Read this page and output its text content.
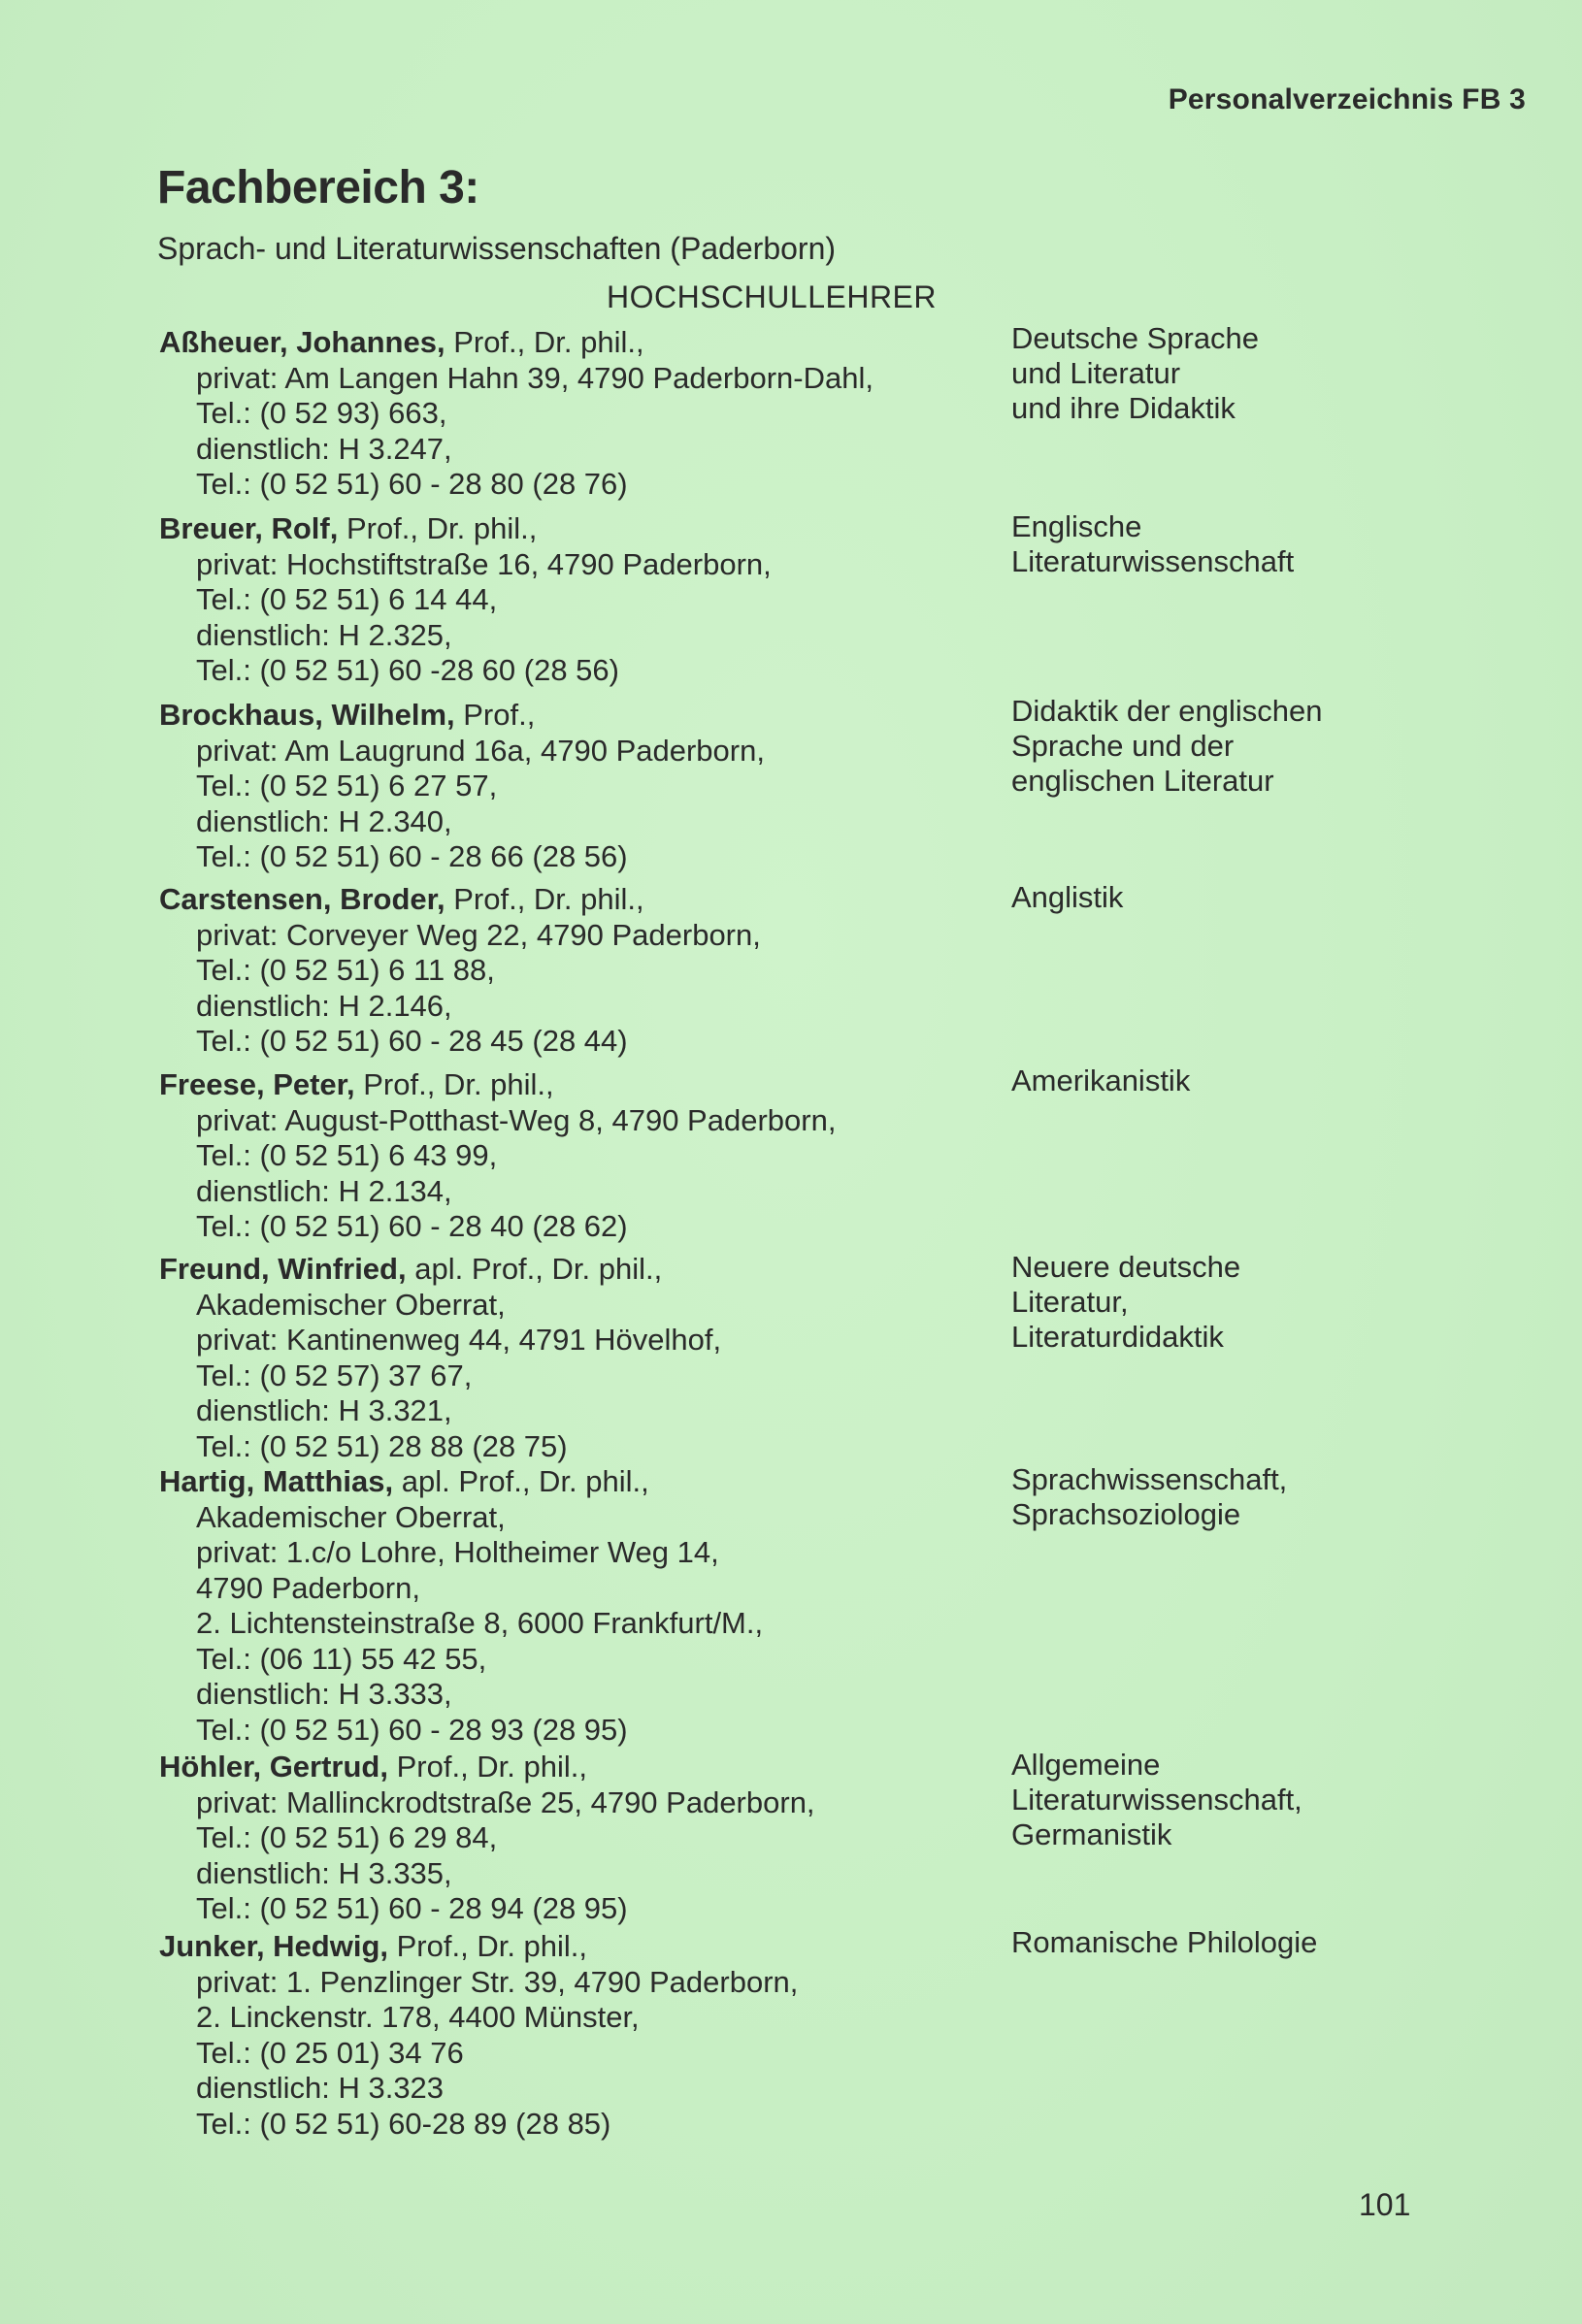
Personalverzeichnis FB 3
Fachbereich 3:
Sprach- und Literaturwissenschaften (Paderborn)
HOCHSCHULLEHRER
Aßheuer, Johannes, Prof., Dr. phil.,
privat: Am Langen Hahn 39, 4790 Paderborn-Dahl,
Tel.: (0 52 93) 663,
dienstlich: H 3.247,
Tel.: (0 52 51) 60 - 28 80 (28 76)
Deutsche Sprache
und Literatur
und ihre Didaktik
Breuer, Rolf, Prof., Dr. phil.,
privat: Hochstiftstraße 16, 4790 Paderborn,
Tel.: (0 52 51) 6 14 44,
dienstlich: H 2.325,
Tel.: (0 52 51) 60 -28 60 (28 56)
Englische
Literaturwissenschaft
Brockhaus, Wilhelm, Prof.,
privat: Am Laugrund 16a, 4790 Paderborn,
Tel.: (0 52 51) 6 27 57,
dienstlich: H 2.340,
Tel.: (0 52 51) 60 - 28 66 (28 56)
Didaktik der englischen
Sprache und der
englischen Literatur
Carstensen, Broder, Prof., Dr. phil.,
privat: Corveyer Weg 22, 4790 Paderborn,
Tel.: (0 52 51) 6 11 88,
dienstlich: H 2.146,
Tel.: (0 52 51) 60 - 28 45 (28 44)
Anglistik
Freese, Peter, Prof., Dr. phil.,
privat: August-Potthast-Weg 8, 4790 Paderborn,
Tel.: (0 52 51) 6 43 99,
dienstlich: H 2.134,
Tel.: (0 52 51) 60 - 28 40 (28 62)
Amerikanistik
Freund, Winfried, apl. Prof., Dr. phil.,
Akademischer Oberrat,
privat: Kantinenweg 44, 4791 Hövelhof,
Tel.: (0 52 57) 37 67,
dienstlich: H 3.321,
Tel.: (0 52 51) 28 88 (28 75)
Neuere deutsche
Literatur,
Literaturdidaktik
Hartig, Matthias, apl. Prof., Dr. phil.,
Akademischer Oberrat,
privat: 1.c/o Lohre, Holtheimer Weg 14,
4790 Paderborn,
2. Lichtensteinstraße 8, 6000 Frankfurt/M.,
Tel.: (06 11) 55 42 55,
dienstlich: H 3.333,
Tel.: (0 52 51) 60 - 28 93 (28 95)
Sprachwissenschaft,
Sprachsoziologie
Höhler, Gertrud, Prof., Dr. phil.,
privat: Mallinckrodtstraße 25, 4790 Paderborn,
Tel.: (0 52 51) 6 29 84,
dienstlich: H 3.335,
Tel.: (0 52 51) 60 - 28 94 (28 95)
Allgemeine
Literaturwissenschaft,
Germanistik
Junker, Hedwig, Prof., Dr. phil.,
privat: 1. Penzlinger Str. 39, 4790 Paderborn,
2. Linckenstr. 178, 4400 Münster,
Tel.: (0 25 01) 34 76
dienstlich: H 3.323
Tel.: (0 52 51) 60-28 89 (28 85)
Romanische Philologie
101
